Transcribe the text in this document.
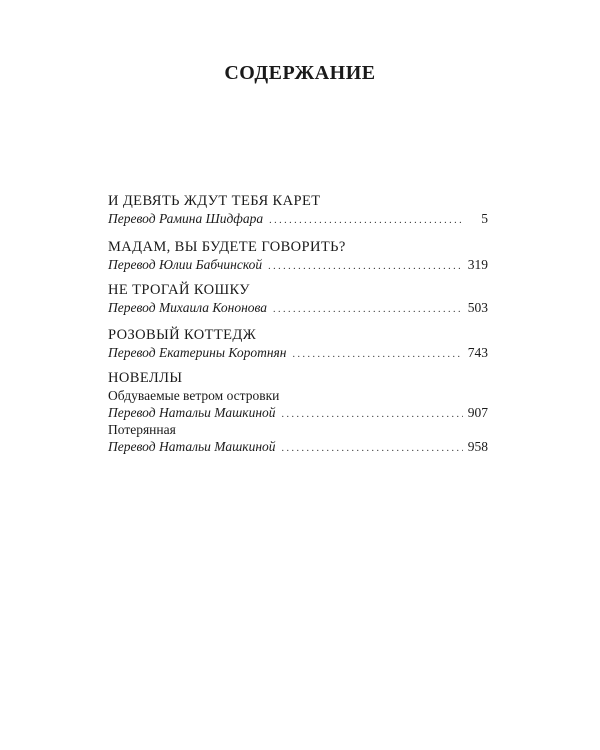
СОДЕРЖАНИЕ
И ДЕВЯТЬ ЖДУТ ТЕБЯ КАРЕТ
Перевод Рамина Шидфара . . .	5
МАДАМ, ВЫ БУДЕТЕ ГОВОРИТЬ?
Перевод Юлии Бабчинской . . .	319
НЕ ТРОГАЙ КОШКУ
Перевод Михаила Кононова . . .	503
РОЗОВЫЙ КОТТЕДЖ
Перевод Екатерины Коротнян . . .	743
НОВЕЛЛЫ
Обдуваемые ветром островки
Перевод Натальи Машкиной . . .	907
Потерянная
Перевод Натальи Машкиной . . .	958
